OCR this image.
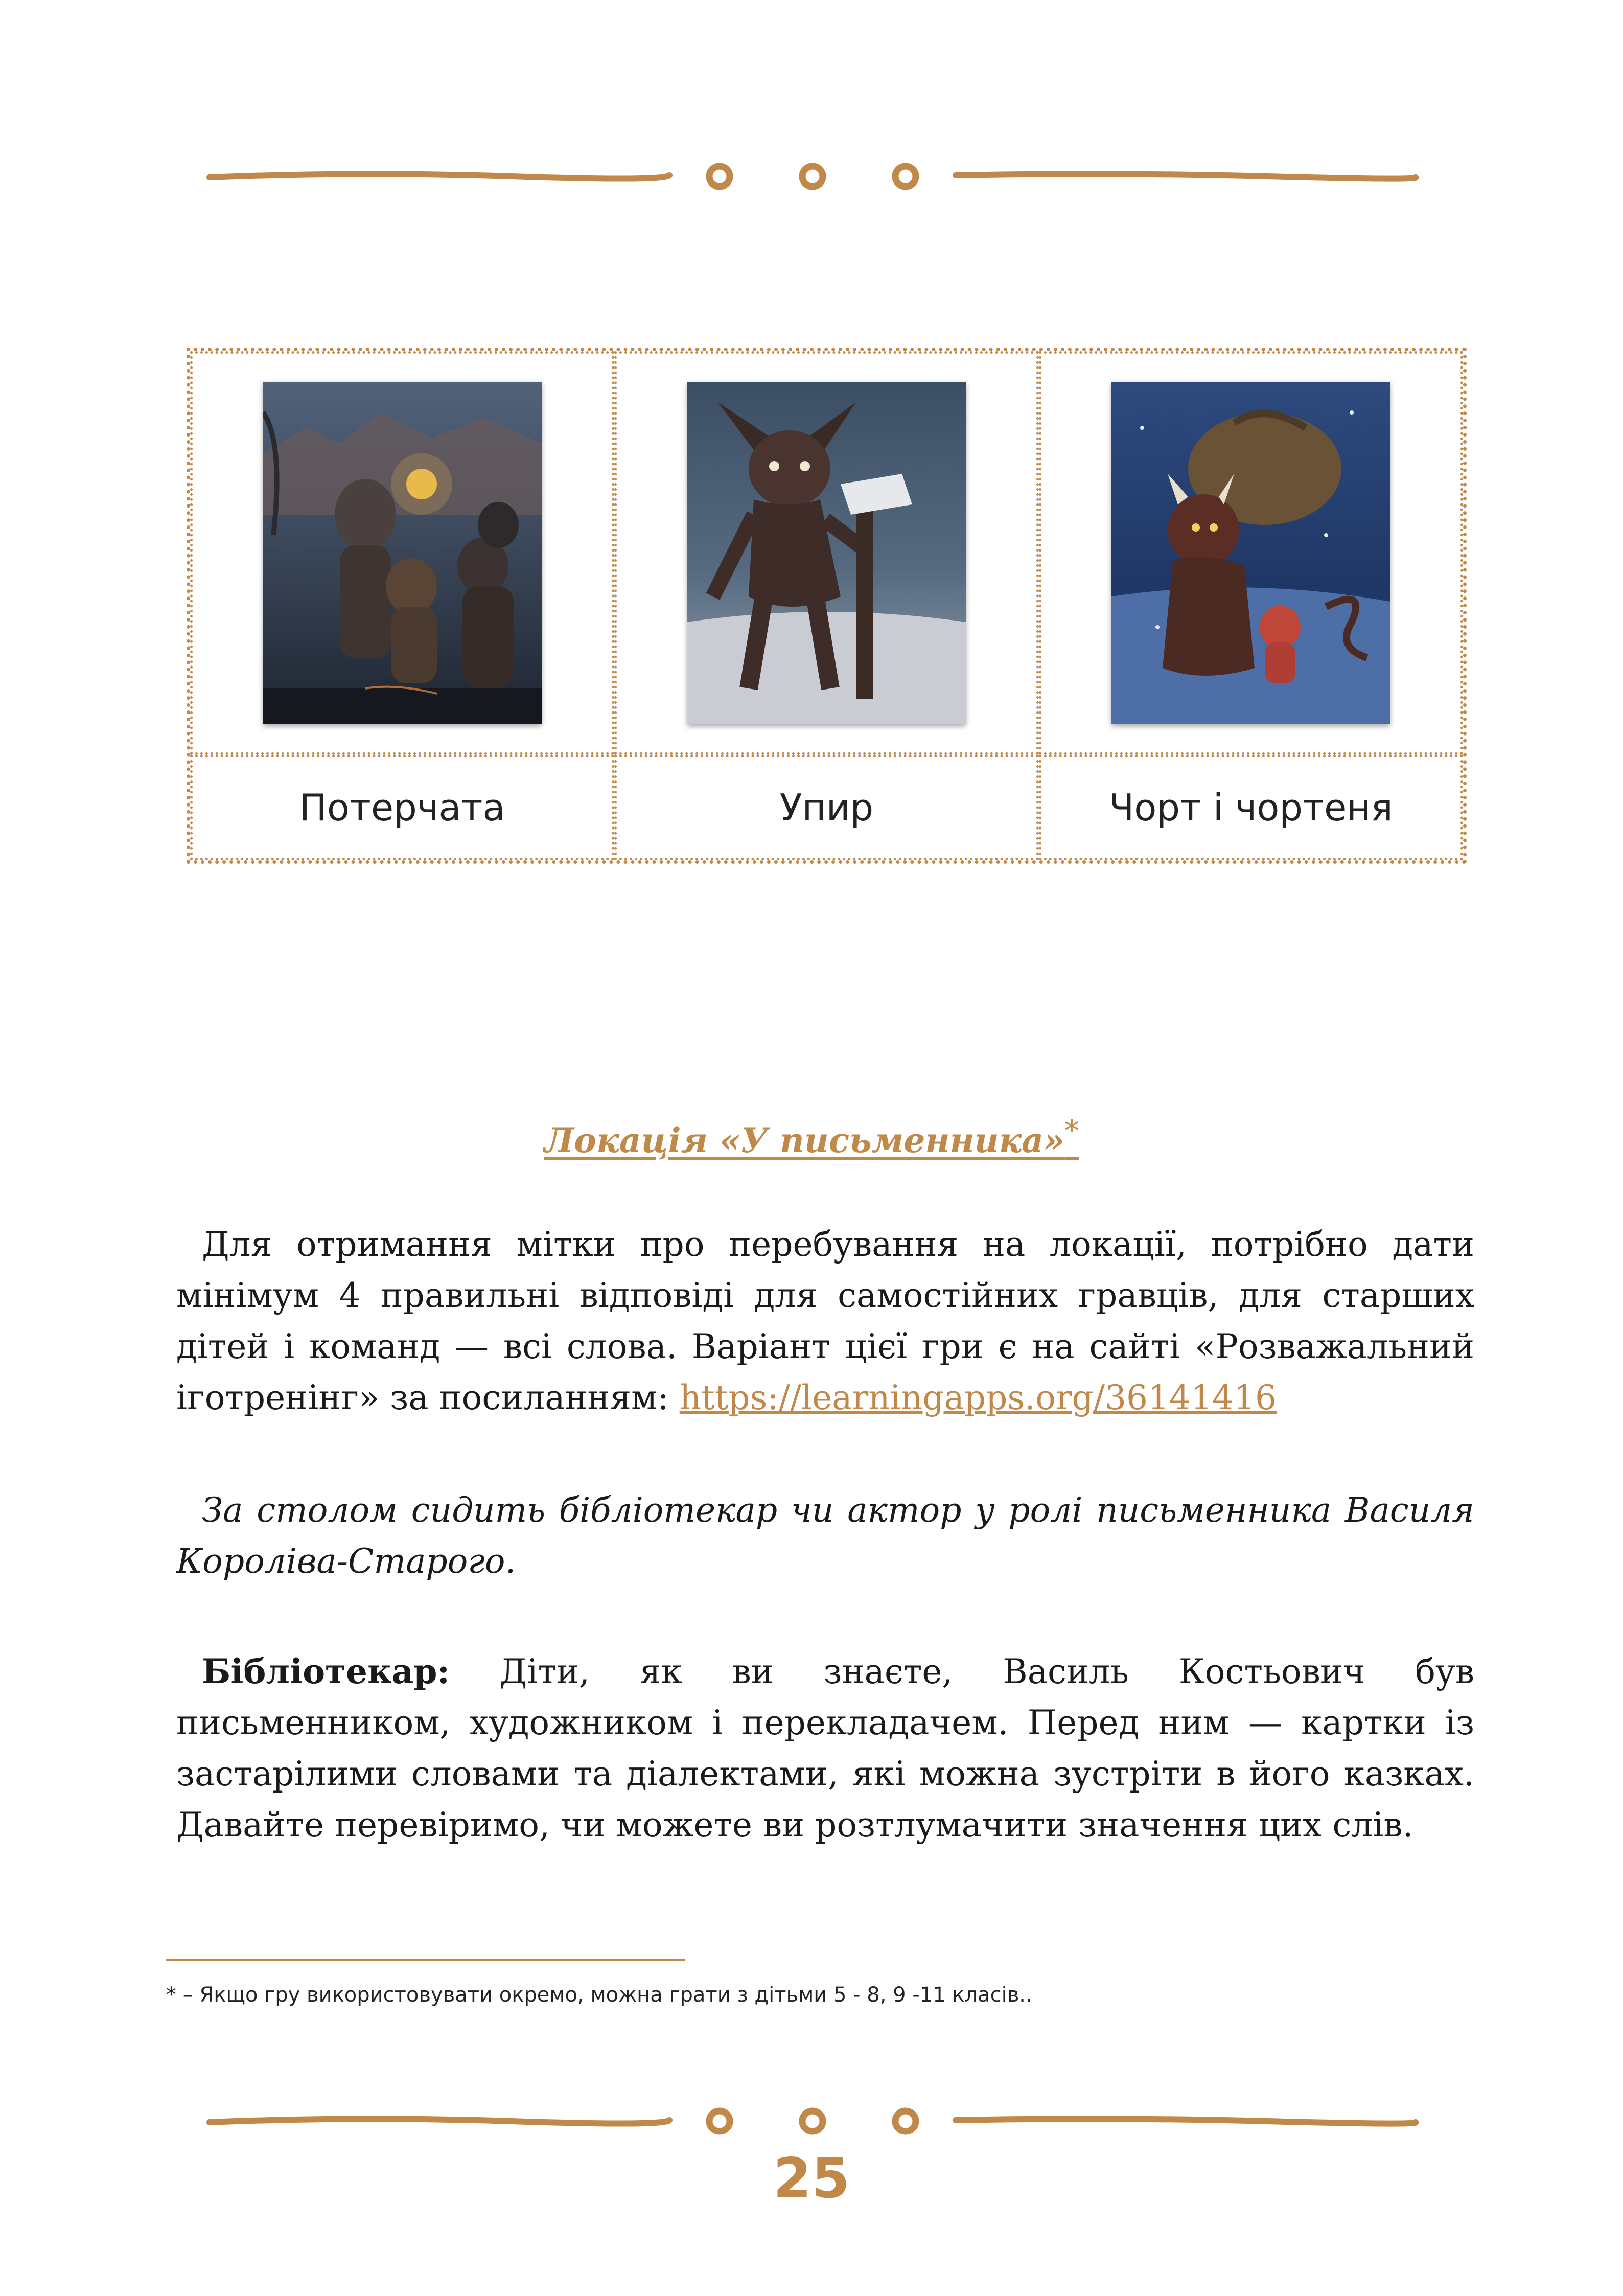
Потерчата	Упир	Чорт і чортеня
Локація «У письменника»*

Для отримання мітки про перебування на локації, потрібно дати мінімум 4 правильні відповіді для самостійних гравців, для старших дітей і команд — всі слова. Варіант цієї гри є на сайті «Розважальний іготренінг» за посиланням: https://learningapps.org/36141416

За столом сидить бібліотекар чи актор у ролі письменника Василя Короліва-Старого.

Бібліотекар: Діти, як ви знаєте, Василь Костьович був письменником, художником і перекладачем. Перед ним — картки із застарілими словами та діалектами, які можна зустріти в його казках. Давайте перевіримо, чи можете ви розтлумачити значення цих слів.

* – Якщо гру використовувати окремо, можна грати з дітьми 5 - 8, 9 -11 класів..
25
